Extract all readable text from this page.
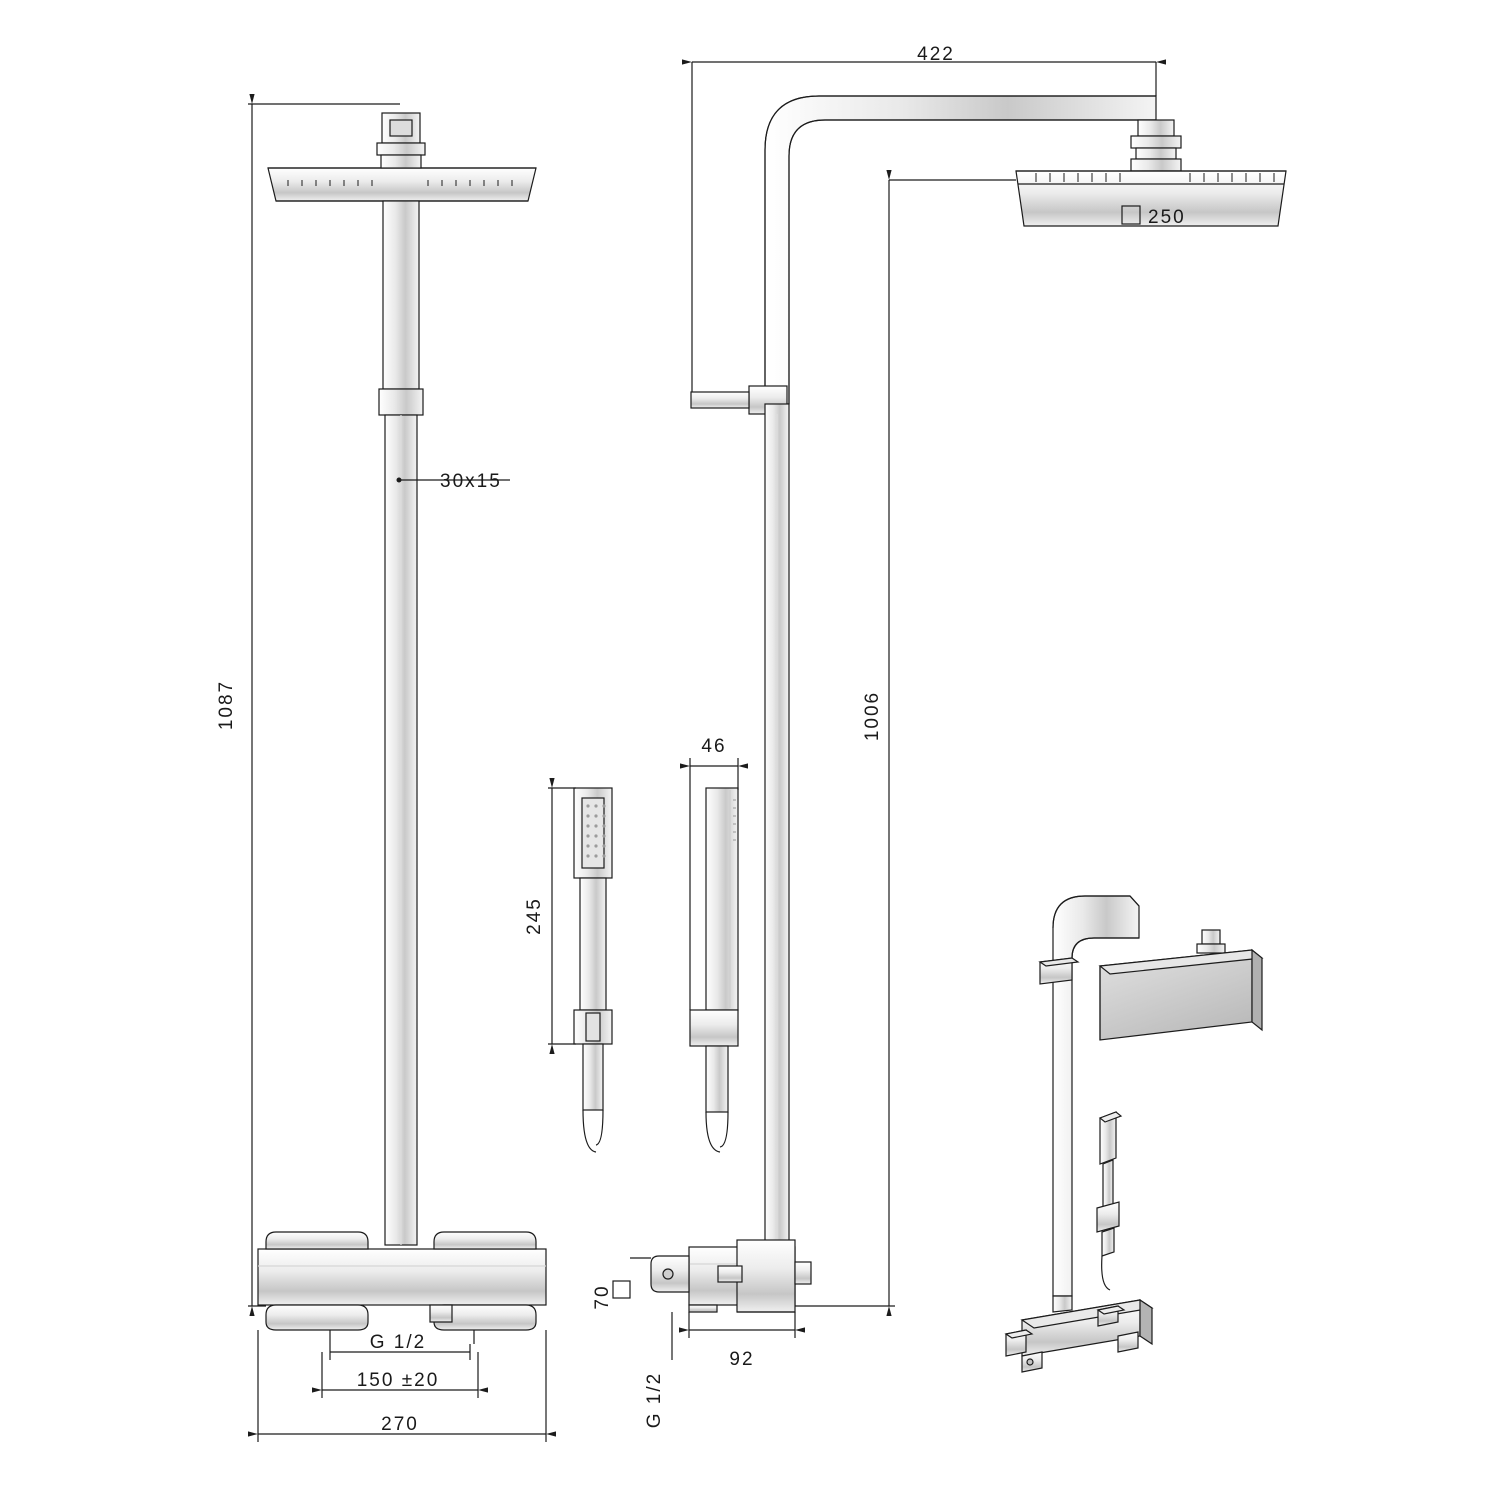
422
250
30x15
1087	1006
245
46
70
92
G 1/2
G 1/2
150 ±20
270
